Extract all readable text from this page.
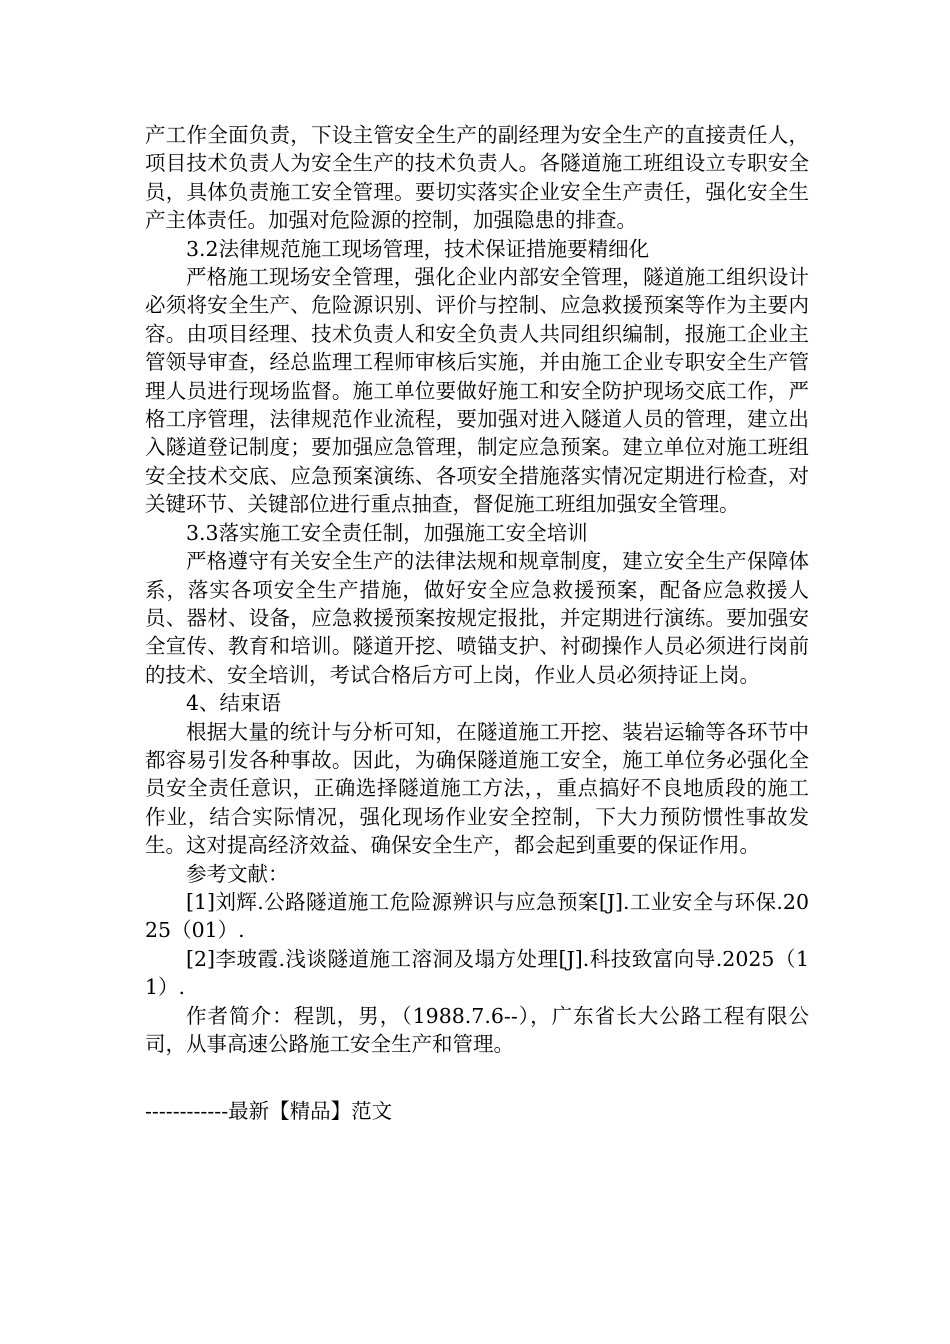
产工作全面负责，下设主管安全生产的副经理为安全生产的直接责任人，项目技术负责人为安全生产的技术负责人。各隧道施工班组设立专职安全员，具体负责施工安全管理。要切实落实企业安全生产责任，强化安全生产主体责任。加强对危险源的控制，加强隐患的排查。

3.2法律规范施工现场管理，技术保证措施要精细化

严格施工现场安全管理，强化企业内部安全管理，隧道施工组织设计必须将安全生产、危险源识别、评价与控制、应急救援预案等作为主要内容。由项目经理、技术负责人和安全负责人共同组织编制，报施工企业主管领导审查，经总监理工程师审核后实施，并由施工企业专职安全生产管理人员进行现场监督。施工单位要做好施工和安全防护现场交底工作，严格工序管理，法律规范作业流程，要加强对进入隧道人员的管理，建立出入隧道登记制度；要加强应急管理，制定应急预案。建立单位对施工班组安全技术交底、应急预案演练、各项安全措施落实情况定期进行检查，对关键环节、关键部位进行重点抽查，督促施工班组加强安全管理。

3.3落实施工安全责任制，加强施工安全培训

严格遵守有关安全生产的法律法规和规章制度，建立安全生产保障体系，落实各项安全生产措施，做好安全应急救援预案，配备应急救援人员、器材、设备，应急救援预案按规定报批，并定期进行演练。要加强安全宣传、教育和培训。隧道开挖、喷锚支护、衬砌操作人员必须进行岗前的技术、安全培训，考试合格后方可上岗，作业人员必须持证上岗。

4、结束语

根据大量的统计与分析可知，在隧道施工开挖、装岩运输等各环节中都容易引发各种事故。因此，为确保隧道施工安全，施工单位务必强化全员安全责任意识，正确选择隧道施工方法，，重点搞好不良地质段的施工作业，结合实际情况，强化现场作业安全控制，下大力预防惯性事故发生。这对提高经济效益、确保安全生产，都会起到重要的保证作用。

参考文献：

[1]刘辉.公路隧道施工危险源辨识与应急预案[J].工业安全与环保.2025（01）.

[2]李玻霞.浅谈隧道施工溶洞及塌方处理[J].科技致富向导.2025（11）.

作者简介：程凯，男，（1988.7.6--），广东省长大公路工程有限公司，从事高速公路施工安全生产和管理。

------------最新【精品】范文
